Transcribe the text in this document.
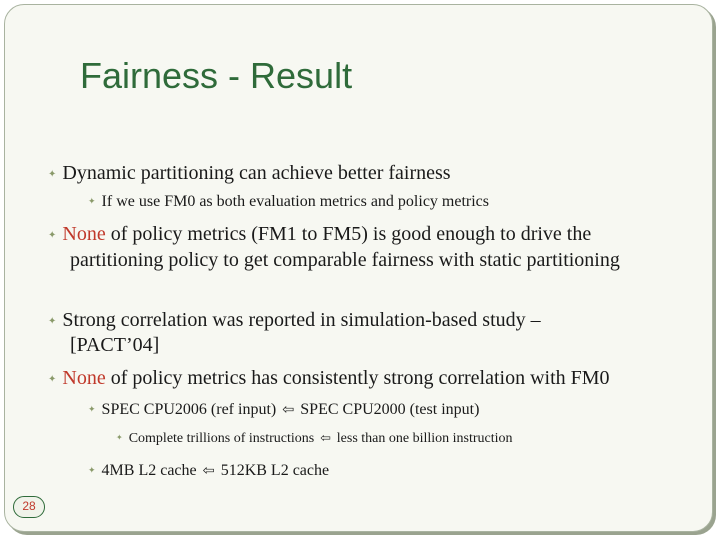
Fairness - Result
✦ Dynamic partitioning can achieve better fairness
✦ If we use FM0 as both evaluation metrics and policy metrics
✦ None of policy metrics (FM1 to FM5) is good enough to drive the
partitioning policy to get comparable fairness with static partitioning
✦ Strong correlation was reported in simulation-based study –
[PACT’04]
✦ None of policy metrics has consistently strong correlation with FM0
✦ SPEC CPU2006 (ref input) ⇦ SPEC CPU2000 (test input)
✦ Complete trillions of instructions ⇦ less than one billion instruction
✦ 4MB L2 cache ⇦ 512KB L2 cache
28
